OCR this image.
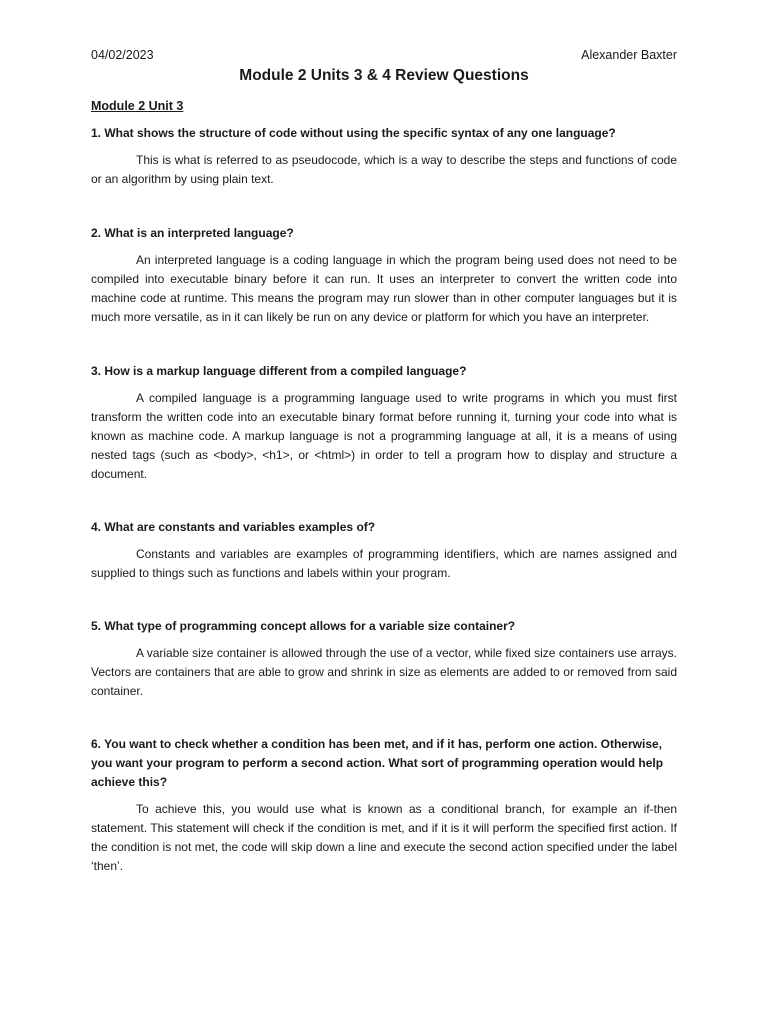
04/02/2023	Alexander Baxter
Module 2 Units 3 & 4 Review Questions
Module 2 Unit 3

1. What shows the structure of code without using the specific syntax of any one language?

This is what is referred to as pseudocode, which is a way to describe the steps and functions of code or an algorithm by using plain text.

2. What is an interpreted language?

An interpreted language is a coding language in which the program being used does not need to be compiled into executable binary before it can run. It uses an interpreter to convert the written code into machine code at runtime. This means the program may run slower than in other computer languages but it is much more versatile, as in it can likely be run on any device or platform for which you have an interpreter.

3. How is a markup language different from a compiled language?

A compiled language is a programming language used to write programs in which you must first transform the written code into an executable binary format before running it, turning your code into what is known as machine code. A markup language is not a programming language at all, it is a means of using nested tags (such as <body>, <h1>, or <html>) in order to tell a program how to display and structure a document.

4. What are constants and variables examples of?

Constants and variables are examples of programming identifiers, which are names assigned and supplied to things such as functions and labels within your program.

5. What type of programming concept allows for a variable size container?

A variable size container is allowed through the use of a vector, while fixed size containers use arrays. Vectors are containers that are able to grow and shrink in size as elements are added to or removed from said container.

6. You want to check whether a condition has been met, and if it has, perform one action. Otherwise, you want your program to perform a second action. What sort of programming operation would help achieve this?

To achieve this, you would use what is known as a conditional branch, for example an if-then statement. This statement will check if the condition is met, and if it is it will perform the specified first action. If the condition is not met, the code will skip down a line and execute the second action specified under the label ‘then’.
